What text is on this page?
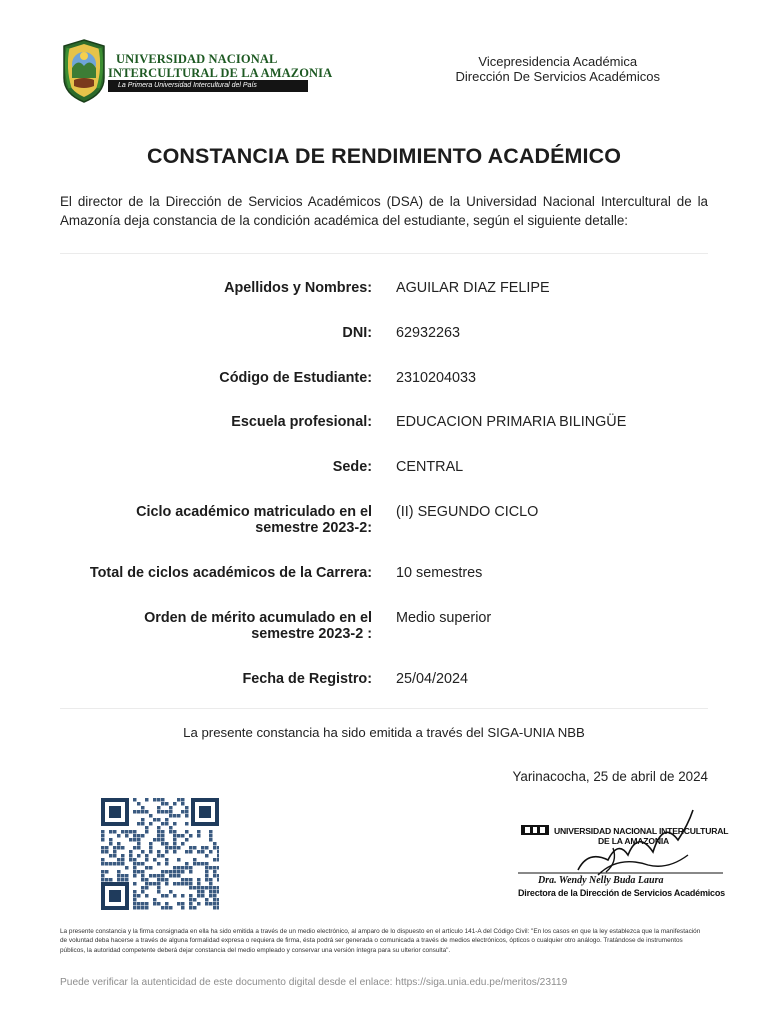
UNIVERSIDAD NACIONAL
INTERCULTURAL DE LA AMAZONIA
La Primera Universidad Intercultural del País
Vicepresidencia Académica
Dirección De Servicios Académicos
CONSTANCIA DE RENDIMIENTO ACADÉMICO
El director de la Dirección de Servicios Académicos (DSA) de la Universidad Nacional Intercultural de la Amazonía deja constancia de la condición académica del estudiante, según el siguiente detalle:
Apellidos y Nombres: AGUILAR DIAZ FELIPE
DNI: 62932263
Código de Estudiante: 2310204033
Escuela profesional: EDUCACION PRIMARIA BILINGÜE
Sede: CENTRAL
Ciclo académico matriculado en el semestre 2023-2:
(II) SEGUNDO CICLO
Total de ciclos académicos de la Carrera: 10 semestres
Orden de mérito acumulado en el semestre 2023-2 :
Medio superior
Fecha de Registro: 25/04/2024
La presente constancia ha sido emitida a través del SIGA-UNIA NBB
Yarinacocha, 25 de abril de 2024
UNIVERSIDAD NACIONAL INTERCULTURAL
DE LA AMAZONIA
Dra. Wendy Nelly Buda Laura
Directora de la Dirección de Servicios Académicos
La presente constancia y la firma consignada en ella ha sido emitida a través de un medio electrónico, al amparo de lo dispuesto en el artículo 141-A del Código Civil: "En los casos en que la ley establezca que la manifestación de voluntad deba hacerse a través de alguna formalidad expresa o requiera de firma, ésta podrá ser generada o comunicada a través de medios electrónicos, ópticos o cualquier otro análogo. Tratándose de instrumentos públicos, la autoridad competente deberá dejar constancia del medio empleado y conservar una versión íntegra para su ulterior consulta".
Puede verificar la autenticidad de este documento digital desde el enlace: https://siga.unia.edu.pe/meritos/23119
